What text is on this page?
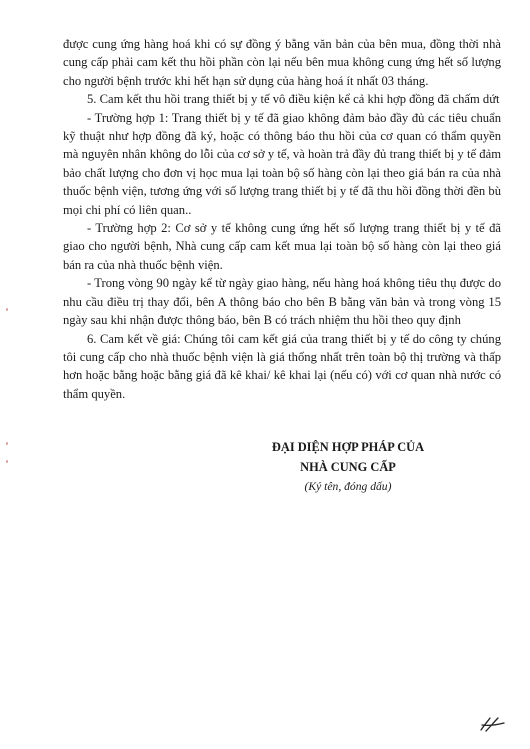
được cung ứng hàng hoá khi có sự đồng ý bằng văn bản của bên mua, đồng thời nhà cung cấp phải cam kết thu hồi phần còn lại nếu bên mua không cung ứng hết số lượng cho người bệnh trước khi hết hạn sử dụng của hàng hoá ít nhất 03 tháng.

5. Cam kết thu hồi trang thiết bị y tế vô điều kiện kể cả khi hợp đồng đã chấm dứt

- Trường hợp 1: Trang thiết bị y tế đã giao không đảm bảo đầy đủ các tiêu chuẩn kỹ thuật như hợp đồng đã ký, hoặc có thông báo thu hồi của cơ quan có thẩm quyền mà nguyên nhân không do lỗi của cơ sở y tế, và hoàn trả đầy đủ trang thiết bị y tế đảm bảo chất lượng cho đơn vị học mua lại toàn bộ số hàng còn lại theo giá bán ra của nhà thuốc bệnh viện, tương ứng với số lượng trang thiết bị y tế đã thu hồi đồng thời đền bù mọi chi phí có liên quan..

- Trường hợp 2: Cơ sở y tế không cung ứng hết số lượng trang thiết bị y tế đã giao cho người bệnh, Nhà cung cấp cam kết mua lại toàn bộ số hàng còn lại theo giá bán ra của nhà thuốc bệnh viện.

- Trong vòng 90 ngày kể từ ngày giao hàng, nếu hàng hoá không tiêu thụ được do nhu cầu điều trị thay đổi, bên A thông báo cho bên B bằng văn bản và trong vòng 15 ngày sau khi nhận được thông báo, bên B có trách nhiệm thu hồi theo quy định

6. Cam kết về giá: Chúng tôi cam kết giá của trang thiết bị y tế do công ty chúng tôi cung cấp cho nhà thuốc bệnh viện là giá thống nhất trên toàn bộ thị trường và thấp hơn hoặc bằng hoặc bằng giá đã kê khai/ kê khai lại (nếu có) với cơ quan nhà nước có thẩm quyền.

ĐẠI DIỆN HỢP PHÁP CỦA
NHÀ CUNG CẤP
(Ký tên, đóng dấu)
